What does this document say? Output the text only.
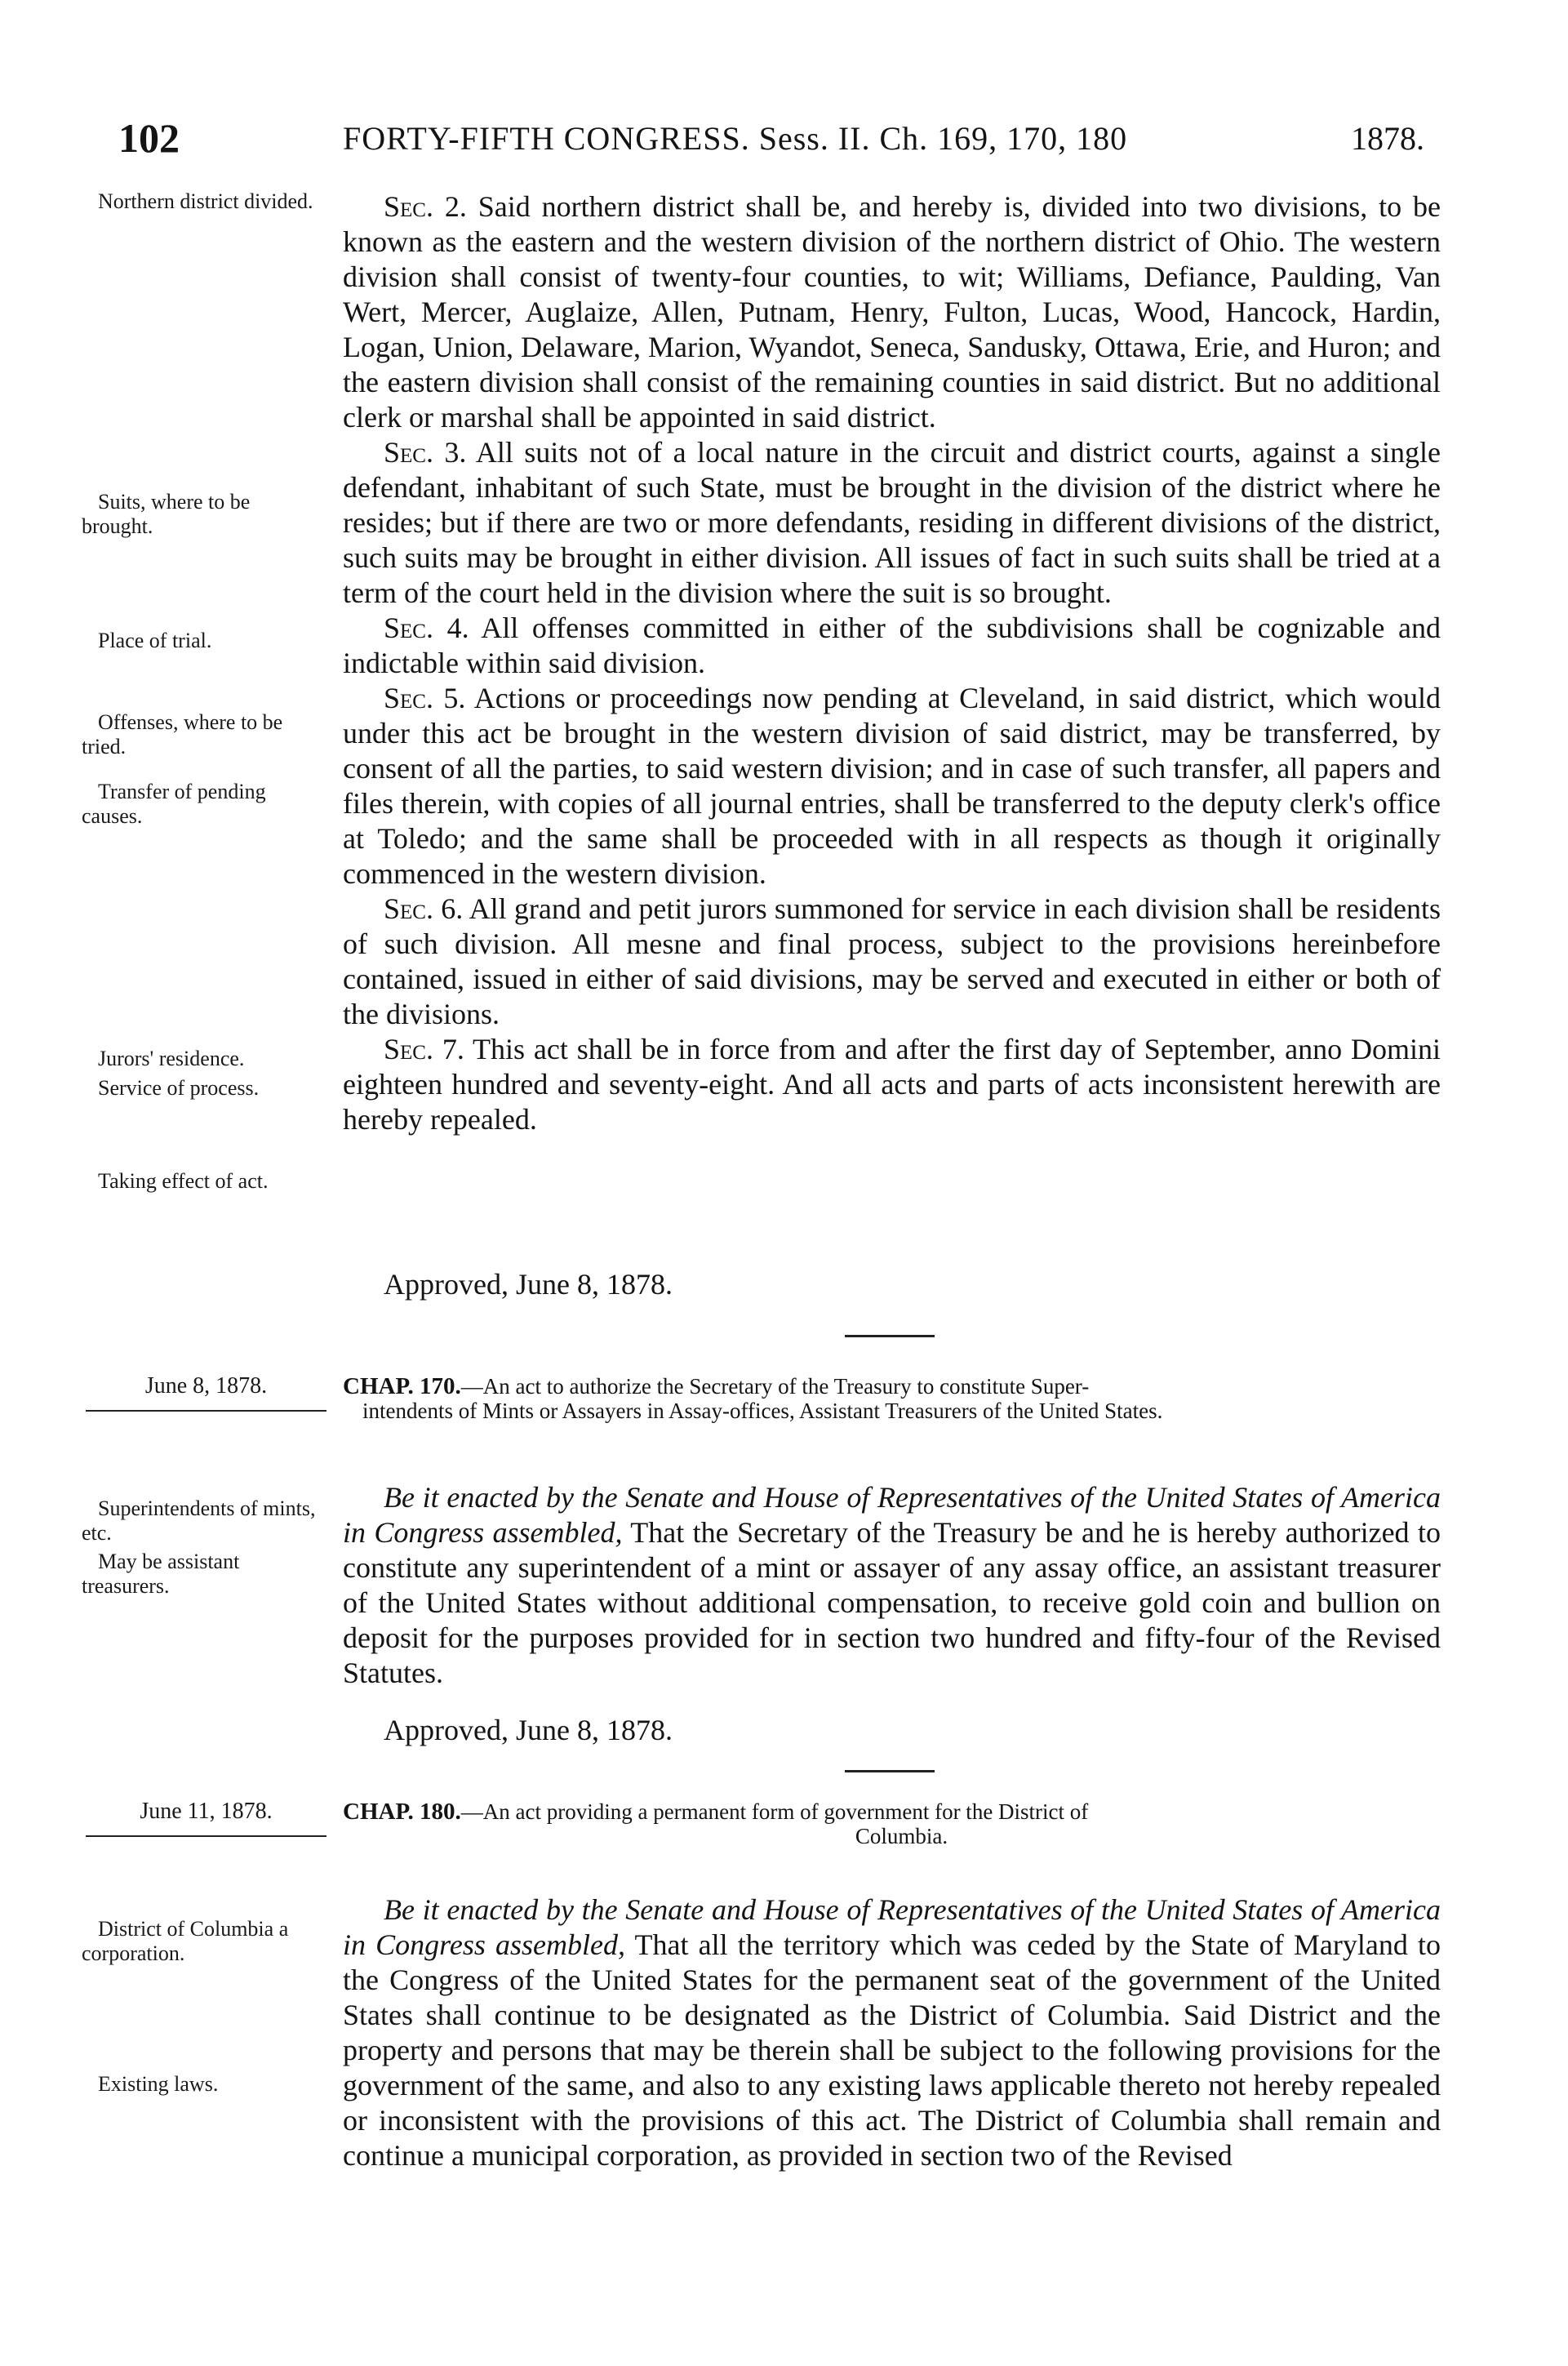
102	FORTY-FIFTH CONGRESS. Sess. II. Ch. 169, 170, 180	1878.
Northern district divided.
Suits, where to be brought.
Place of trial.
Offenses, where to be tried.
Transfer of pending causes.
Jurors' residence.
Service of process.
Taking effect of act.
June 8, 1878.
Superintendents of mints, etc.
May be assistant treasurers.
June 11, 1878.
District of Columbia a corporation.
Existing laws.

Sec. 2. Said northern district shall be, and hereby is, divided into two divisions, to be known as the eastern and the western division of the northern district of Ohio. The western division shall consist of twenty-four counties, to wit; Williams, Defiance, Paulding, Van Wert, Mercer, Auglaize, Allen, Putnam, Henry, Fulton, Lucas, Wood, Hancock, Hardin, Logan, Union, Delaware, Marion, Wyandot, Seneca, Sandusky, Ottawa, Erie, and Huron; and the eastern division shall consist of the remaining counties in said district. But no additional clerk or marshal shall be appointed in said district.

Sec. 3. All suits not of a local nature in the circuit and district courts, against a single defendant, inhabitant of such State, must be brought in the division of the district where he resides; but if there are two or more defendants, residing in different divisions of the district, such suits may be brought in either division. All issues of fact in such suits shall be tried at a term of the court held in the division where the suit is so brought.

Sec. 4. All offenses committed in either of the subdivisions shall be cognizable and indictable within said division.

Sec. 5. Actions or proceedings now pending at Cleveland, in said district, which would under this act be brought in the western division of said district, may be transferred, by consent of all the parties, to said western division; and in case of such transfer, all papers and files therein, with copies of all journal entries, shall be transferred to the deputy clerk's office at Toledo; and the same shall be proceeded with in all respects as though it originally commenced in the western division.

Sec. 6. All grand and petit jurors summoned for service in each division shall be residents of such division. All mesne and final process, subject to the provisions hereinbefore contained, issued in either of said divisions, may be served and executed in either or both of the divisions.

Sec. 7. This act shall be in force from and after the first day of September, anno Domini eighteen hundred and seventy-eight. And all acts and parts of acts inconsistent herewith are hereby repealed.

Approved, June 8, 1878.
CHAP. 170.—An act to authorize the Secretary of the Treasury to constitute Super-
intendents of Mints or Assayers in Assay-offices, Assistant Treasurers of the United States.

Be it enacted by the Senate and House of Representatives of the United States of America in Congress assembled, That the Secretary of the Treasury be and he is hereby authorized to constitute any superintendent of a mint or assayer of any assay office, an assistant treasurer of the United States without additional compensation, to receive gold coin and bullion on deposit for the purposes provided for in section two hundred and fifty-four of the Revised Statutes.

Approved, June 8, 1878.
CHAP. 180.—An act providing a permanent form of government for the District of
Columbia.

Be it enacted by the Senate and House of Representatives of the United States of America in Congress assembled, That all the territory which was ceded by the State of Maryland to the Congress of the United States for the permanent seat of the government of the United States shall continue to be designated as the District of Columbia. Said District and the property and persons that may be therein shall be subject to the following provisions for the government of the same, and also to any existing laws applicable thereto not hereby repealed or inconsistent with the provisions of this act. The District of Columbia shall remain and continue a municipal corporation, as provided in section two of the Revised
